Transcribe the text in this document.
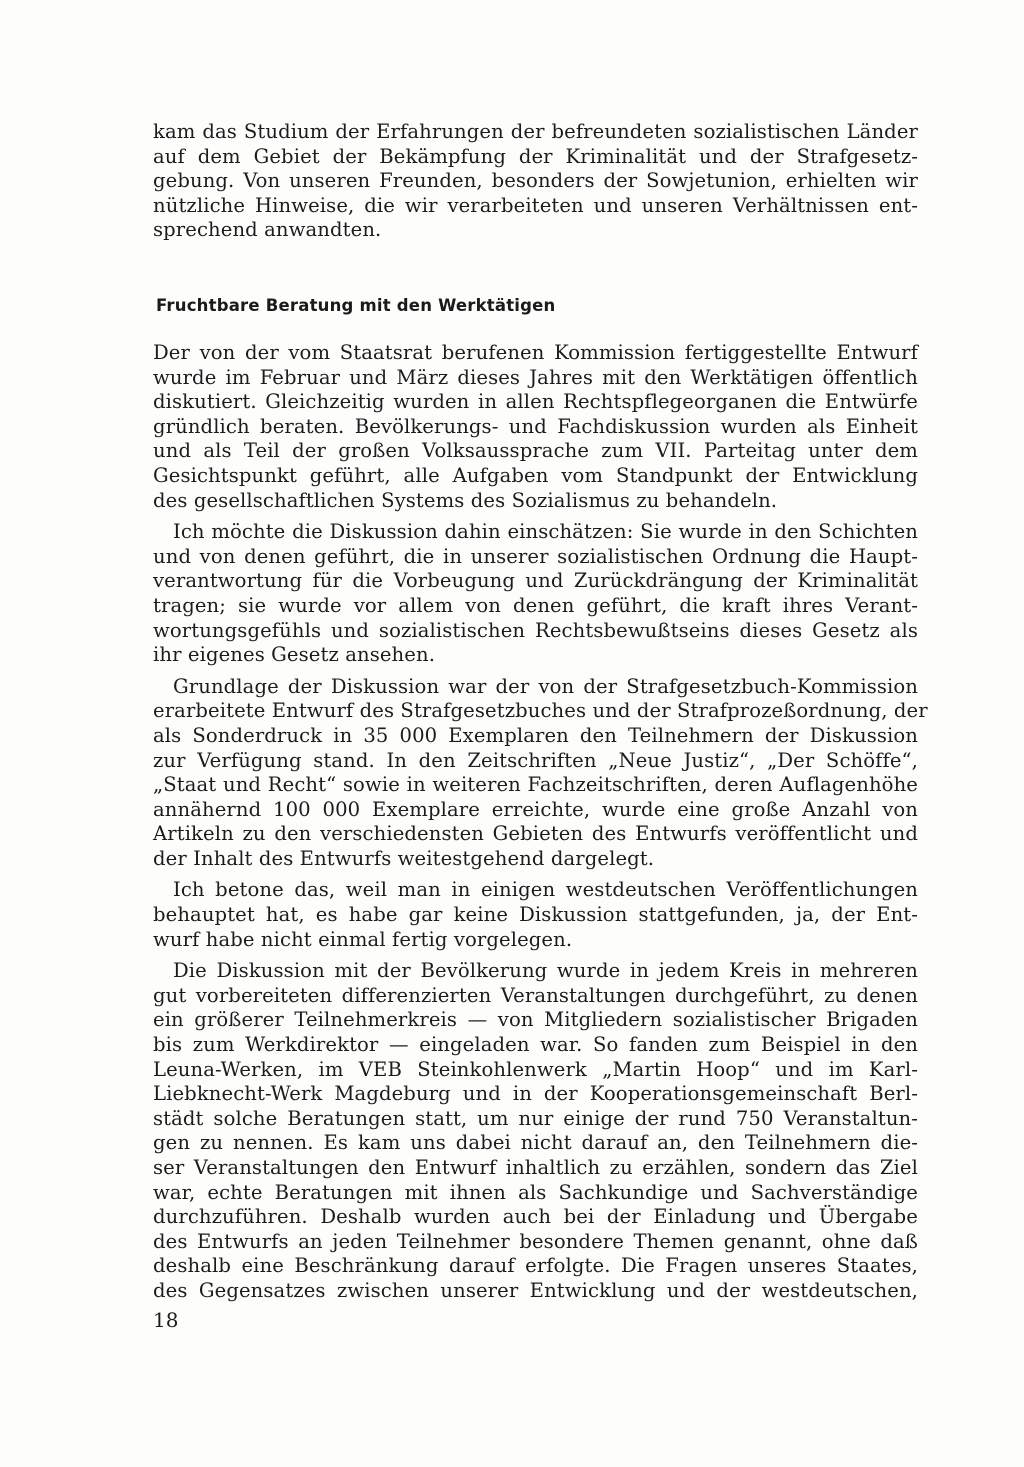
kam das Studium der Erfahrungen der befreundeten sozialistischen Länder
auf dem Gebiet der Bekämpfung der Kriminalität und der Strafgesetz-
gebung. Von unseren Freunden, besonders der Sowjetunion, erhielten wir
nützliche Hinweise, die wir verarbeiteten und unseren Verhältnissen ent-
sprechend anwandten.
Fruchtbare Beratung mit den Werktätigen
Der von der vom Staatsrat berufenen Kommission fertiggestellte Entwurf
wurde im Februar und März dieses Jahres mit den Werktätigen öffentlich
diskutiert. Gleichzeitig wurden in allen Rechtspflegeorganen die Entwürfe
gründlich beraten. Bevölkerungs- und Fachdiskussion wurden als Einheit
und als Teil der großen Volksaussprache zum VII. Parteitag unter dem
Gesichtspunkt geführt, alle Aufgaben vom Standpunkt der Entwicklung
des gesellschaftlichen Systems des Sozialismus zu behandeln.
Ich möchte die Diskussion dahin einschätzen: Sie wurde in den Schichten
und von denen geführt, die in unserer sozialistischen Ordnung die Haupt-
verantwortung für die Vorbeugung und Zurückdrängung der Kriminalität
tragen; sie wurde vor allem von denen geführt, die kraft ihres Verant-
wortungsgefühls und sozialistischen Rechtsbewußtseins dieses Gesetz als
ihr eigenes Gesetz ansehen.
Grundlage der Diskussion war der von der Strafgesetzbuch-Kommission
erarbeitete Entwurf des Strafgesetzbuches und der Strafprozeßordnung, der
als Sonderdruck in 35 000 Exemplaren den Teilnehmern der Diskussion
zur Verfügung stand. In den Zeitschriften „Neue Justiz“, „Der Schöffe“,
„Staat und Recht“ sowie in weiteren Fachzeitschriften, deren Auflagenhöhe
annähernd 100 000 Exemplare erreichte, wurde eine große Anzahl von
Artikeln zu den verschiedensten Gebieten des Entwurfs veröffentlicht und
der Inhalt des Entwurfs weitestgehend dargelegt.
Ich betone das, weil man in einigen westdeutschen Veröffentlichungen
behauptet hat, es habe gar keine Diskussion stattgefunden, ja, der Ent-
wurf habe nicht einmal fertig vorgelegen.
Die Diskussion mit der Bevölkerung wurde in jedem Kreis in mehreren
gut vorbereiteten differenzierten Veranstaltungen durchgeführt, zu denen
ein größerer Teilnehmerkreis — von Mitgliedern sozialistischer Brigaden
bis zum Werkdirektor — eingeladen war. So fanden zum Beispiel in den
Leuna-Werken, im VEB Steinkohlenwerk „Martin Hoop“ und im Karl-
Liebknecht-Werk Magdeburg und in der Kooperationsgemeinschaft Berl-
städt solche Beratungen statt, um nur einige der rund 750 Veranstaltun-
gen zu nennen. Es kam uns dabei nicht darauf an, den Teilnehmern die-
ser Veranstaltungen den Entwurf inhaltlich zu erzählen, sondern das Ziel
war, echte Beratungen mit ihnen als Sachkundige und Sachverständige
durchzuführen. Deshalb wurden auch bei der Einladung und Übergabe
des Entwurfs an jeden Teilnehmer besondere Themen genannt, ohne daß
deshalb eine Beschränkung darauf erfolgte. Die Fragen unseres Staates,
des Gegensatzes zwischen unserer Entwicklung und der westdeutschen,
18
